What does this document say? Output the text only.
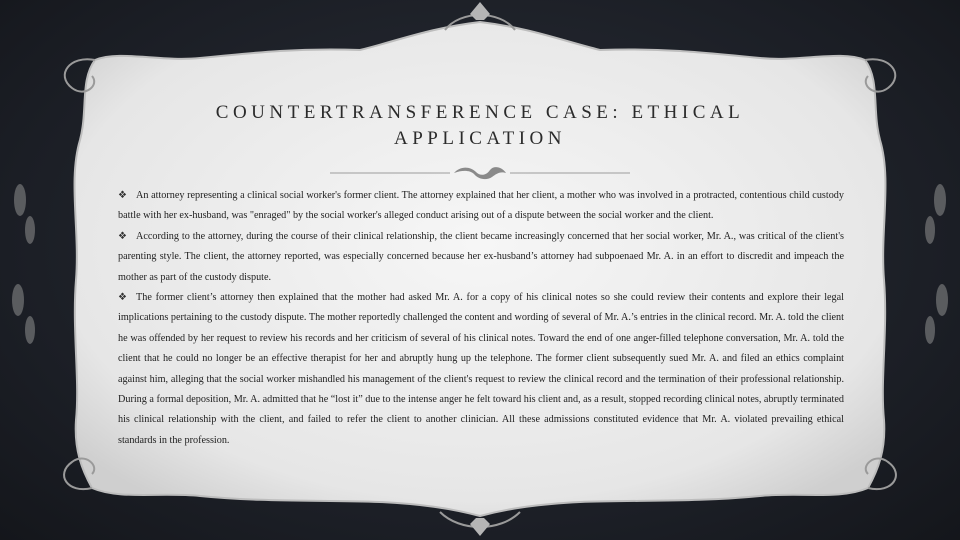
COUNTERTRANSFERENCE CASE: ETHICAL
APPLICATION

❖ An attorney representing a clinical social worker's former client. The attorney explained that her client, a mother who was involved in a protracted, contentious child custody battle with her ex-husband, was "enraged" by the social worker's alleged conduct arising out of a dispute between the social worker and the client.

❖ According to the attorney, during the course of their clinical relationship, the client became increasingly concerned that her social worker, Mr. A., was critical of the client's parenting style. The client, the attorney reported, was especially concerned because her ex-husband’s attorney had subpoenaed Mr. A. in an effort to discredit and impeach the mother as part of the custody dispute.

❖ The former client’s attorney then explained that the mother had asked Mr. A. for a copy of his clinical notes so she could review their contents and explore their legal implications pertaining to the custody dispute. The mother reportedly challenged the content and wording of several of Mr. A.’s entries in the clinical record. Mr. A. told the client he was offended by her request to review his records and her criticism of several of his clinical notes. Toward the end of one anger-filled telephone conversation, Mr. A. told the client that he could no longer be an effective therapist for her and abruptly hung up the telephone. The former client subsequently sued Mr. A. and filed an ethics complaint against him, alleging that the social worker mishandled his management of the client's request to review the clinical record and the termination of their professional relationship. During a formal deposition, Mr. A. admitted that he “lost it” due to the intense anger he felt toward his client and, as a result, stopped recording clinical notes, abruptly terminated his clinical relationship with the client, and failed to refer the client to another clinician. All these admissions constituted evidence that Mr. A. violated prevailing ethical standards in the profession.
